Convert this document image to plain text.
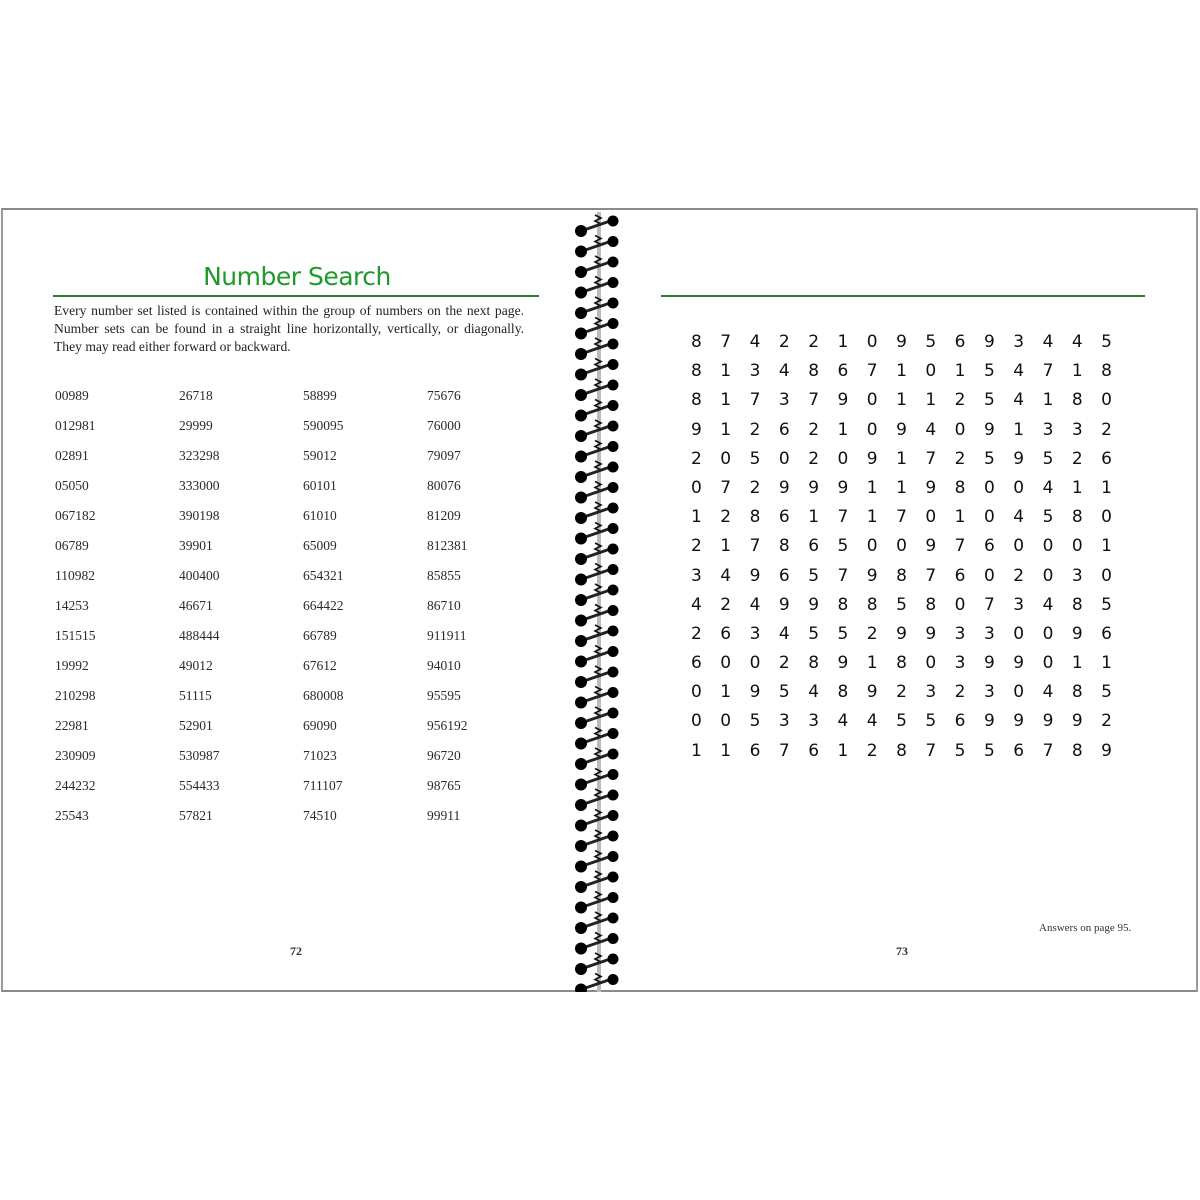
Number Search
Every number set listed is contained within the group of numbers on the next page. Number sets can be found in a straight line horizontally, vertically, or diagonally. They may read either forward or backward.
00989	26718	58899	75676
012981	29999	590095	76000
02891	323298	59012	79097
05050	333000	60101	80076
067182	390198	61010	81209
06789	39901	65009	812381
110982	400400	654321	85855
14253	46671	664422	86710
151515	488444	66789	911911
19992	49012	67612	94010
210298	51115	680008	95595
22981	52901	69090	956192
230909	530987	71023	96720
244232	554433	711107	98765
25543	57821	74510	99911
72
8	7	4	2	2	1	0	9	5	6	9	3	4	4	5
8	1	3	4	8	6	7	1	0	1	5	4	7	1	8
8	1	7	3	7	9	0	1	1	2	5	4	1	8	0
9	1	2	6	2	1	0	9	4	0	9	1	3	3	2
2	0	5	0	2	0	9	1	7	2	5	9	5	2	6
0	7	2	9	9	9	1	1	9	8	0	0	4	1	1
1	2	8	6	1	7	1	7	0	1	0	4	5	8	0
2	1	7	8	6	5	0	0	9	7	6	0	0	0	1
3	4	9	6	5	7	9	8	7	6	0	2	0	3	0
4	2	4	9	9	8	8	5	8	0	7	3	4	8	5
2	6	3	4	5	5	2	9	9	3	3	0	0	9	6
6	0	0	2	8	9	1	8	0	3	9	9	0	1	1
0	1	9	5	4	8	9	2	3	2	3	0	4	8	5
0	0	5	3	3	4	4	5	5	6	9	9	9	9	2
1	1	6	7	6	1	2	8	7	5	5	6	7	8	9
Answers on page 95.
73
